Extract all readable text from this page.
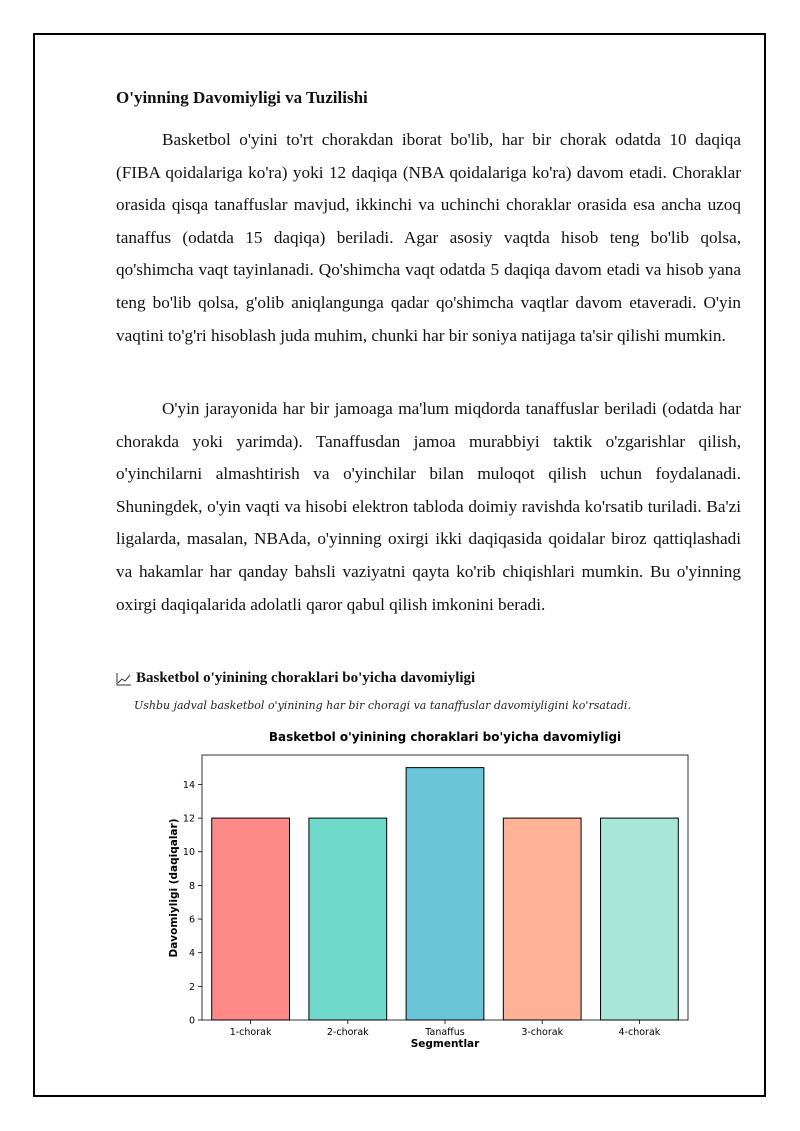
O'yinning Davomiyligi va Tuzilishi

Basketbol o'yini to'rt chorakdan iborat bo'lib, har bir chorak odatda 10 daqiqa (FIBA qoidalariga ko'ra) yoki 12 daqiqa (NBA qoidalariga ko'ra) davom etadi. Choraklar orasida qisqa tanaffuslar mavjud, ikkinchi va uchinchi choraklar orasida esa ancha uzoq tanaffus (odatda 15 daqiqa) beriladi. Agar asosiy vaqtda hisob teng bo'lib qolsa, qo'shimcha vaqt tayinlanadi. Qo'shimcha vaqt odatda 5 daqiqa davom etadi va hisob yana teng bo'lib qolsa, g'olib aniqlangunga qadar qo'shimcha vaqtlar davom etaveradi. O'yin vaqtini to'g'ri hisoblash juda muhim, chunki har bir soniya natijaga ta'sir qilishi mumkin.

O'yin jarayonida har bir jamoaga ma'lum miqdorda tanaffuslar beriladi (odatda har chorakda yoki yarimda). Tanaffusdan jamoa murabbiyi taktik o'zgarishlar qilish, o'yinchilarni almashtirish va o'yinchilar bilan muloqot qilish uchun foydalanadi. Shuningdek, o'yin vaqti va hisobi elektron tabloda doimiy ravishda ko'rsatib turiladi. Ba'zi ligalarda, masalan, NBAda, o'yinning oxirgi ikki daqiqasida qoidalar biroz qattiqlashadi va hakamlar har qanday bahsli vaziyatni qayta ko'rib chiqishlari mumkin. Bu o'yinning oxirgi daqiqalarida adolatli qaror qabul qilish imkonini beradi.

Basketbol o'yinining choraklari bo'yicha davomiyligi
Ushbu jadval basketbol o'yinining har bir choragi va tanaffuslar davomiyligini ko'rsatadi.
Basketbol o'yinining choraklari bo'yicha davomiyligi
Davomiyligi (daqiqalar)
Segmentlar
0
2
4
6
8
10
12
14
1-chorak	2-chorak	Tanaffus	3-chorak	4-chorak
